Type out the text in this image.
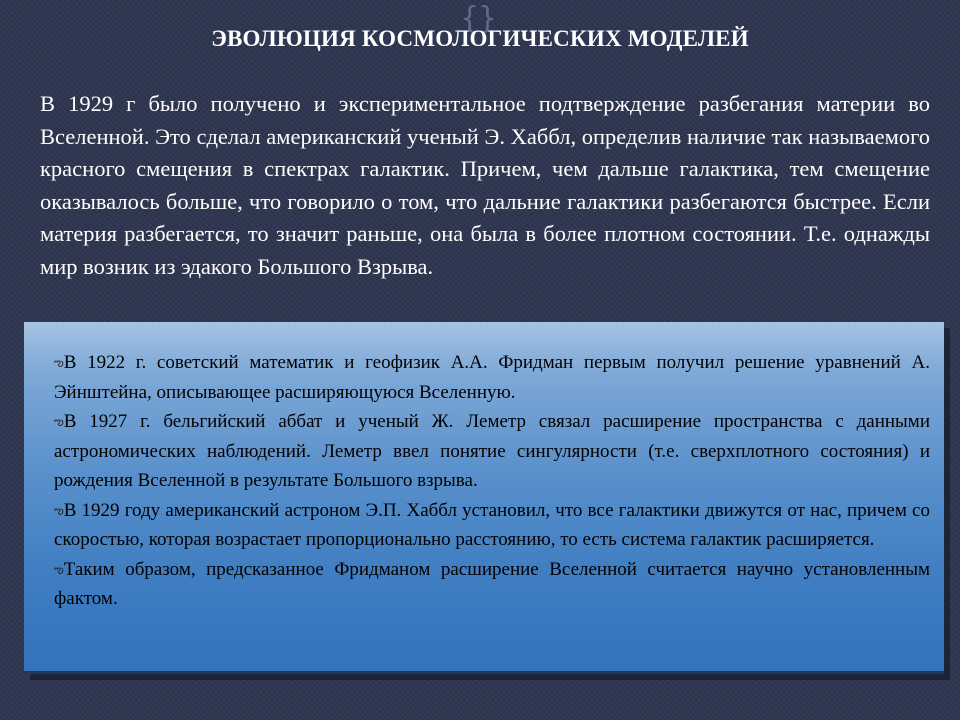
{
}
ЭВОЛЮЦИЯ КОСМОЛОГИЧЕСКИХ МОДЕЛЕЙ

В 1929 г было получено и экспериментальное подтверждение разбегания материи во Вселенной. Это сделал американский ученый Э. Хаббл, определив наличие так называемого красного смещения в спектрах галактик. Причем, чем дальше галактика, тем смещение оказывалось больше, что говорило о том, что дальние галактики разбегаются быстрее. Если материя разбегается, то значит раньше, она была в более плотном состоянии. Т.е. однажды мир возник из эдакого Большого Взрыва.

ఌВ 1922 г. советский математик и геофизик А.А. Фридман первым получил решение уравнений А. Эйнштейна, описывающее расширяющуюся Вселенную.
ఌВ 1927 г. бельгийский аббат и ученый Ж. Леметр связал расширение пространства с данными астрономических наблюдений. Леметр ввел понятие сингулярности (т.е. сверхплотного состояния) и рождения Вселенной в результате Большого взрыва.
ఌВ 1929 году американский астроном Э.П. Хаббл установил, что все галактики движутся от нас, причем со скоростью, которая возрастает пропорционально расстоянию, то есть система галактик расширяется.
ఌТаким образом, предсказанное Фридманом расширение Вселенной считается научно установленным фактом.
